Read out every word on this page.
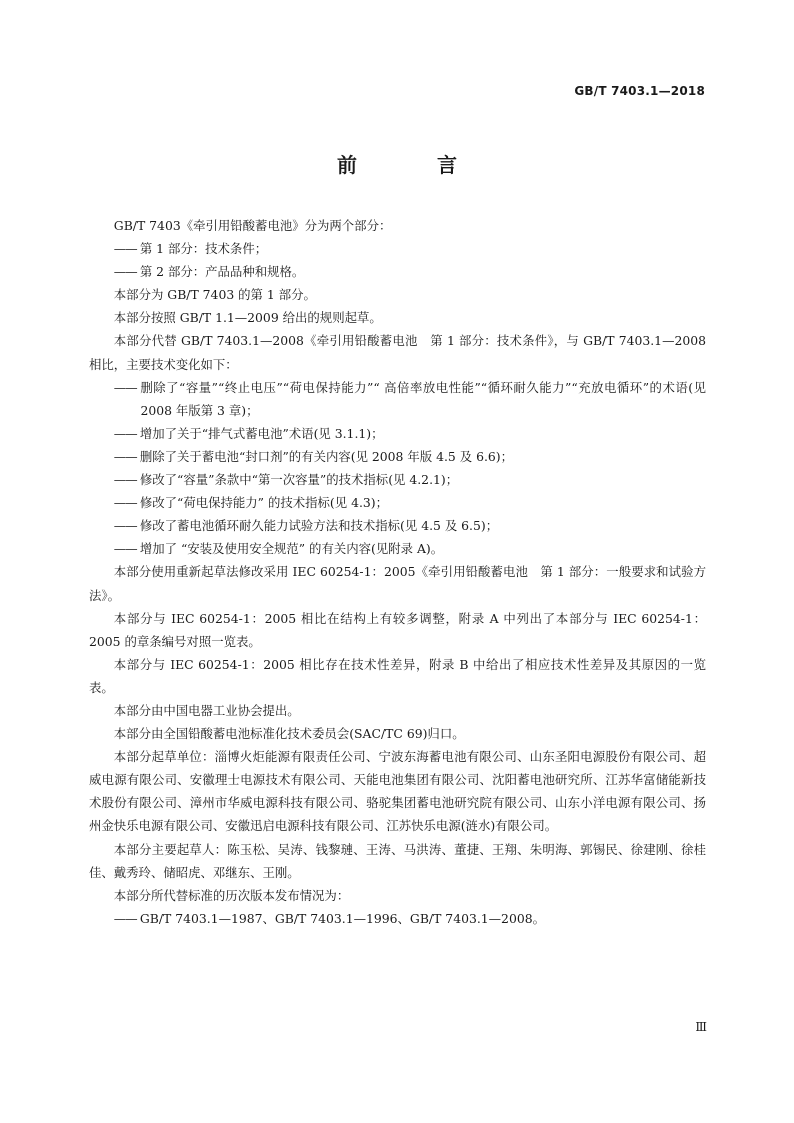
GB/T 7403.1—2018
前　言

GB/T 7403《牵引用铅酸蓄电池》分为两个部分：

—— 第 1 部分：技术条件；

—— 第 2 部分：产品品种和规格。

本部分为 GB/T 7403 的第 1 部分。

本部分按照 GB/T 1.1—2009 给出的规则起草。

本部分代替 GB/T 7403.1—2008《牵引用铅酸蓄电池　第 1 部分：技术条件》，与 GB/T 7403.1—2008 相比，主要技术变化如下：

—— 删除了“容量”“终止电压”“荷电保持能力”“ 高倍率放电性能”“循环耐久能力”“充放电循环”的术语(见 2008 年版第 3 章)；

—— 增加了关于“排气式蓄电池”术语(见 3.1.1)；

—— 删除了关于蓄电池“封口剂”的有关内容(见 2008 年版 4.5 及 6.6)；

—— 修改了“容量”条款中“第一次容量”的技术指标(见 4.2.1)；

—— 修改了“荷电保持能力” 的技术指标(见 4.3)；

—— 修改了蓄电池循环耐久能力试验方法和技术指标(见 4.5 及 6.5)；

—— 增加了 “安装及使用安全规范” 的有关内容(见附录 A)。

本部分使用重新起草法修改采用 IEC 60254-1：2005《牵引用铅酸蓄电池　第 1 部分：一般要求和试验方法》。

本部分与 IEC 60254-1：2005 相比在结构上有较多调整，附录 A 中列出了本部分与 IEC 60254-1：2005 的章条编号对照一览表。

本部分与 IEC 60254-1：2005 相比存在技术性差异，附录 B 中给出了相应技术性差异及其原因的一览表。

本部分由中国电器工业协会提出。

本部分由全国铅酸蓄电池标准化技术委员会(SAC/TC 69)归口。

本部分起草单位：淄博火炬能源有限责任公司、宁波东海蓄电池有限公司、山东圣阳电源股份有限公司、超威电源有限公司、安徽理士电源技术有限公司、天能电池集团有限公司、沈阳蓄电池研究所、江苏华富储能新技术股份有限公司、漳州市华威电源科技有限公司、骆驼集团蓄电池研究院有限公司、山东小洋电源有限公司、扬州金快乐电源有限公司、安徽迅启电源科技有限公司、江苏快乐电源(涟水)有限公司。

本部分主要起草人：陈玉松、吴涛、钱黎璉、王涛、马洪涛、董捷、王翔、朱明海、郭锡民、徐建刚、徐桂佳、戴秀玲、储昭虎、邓继东、王刚。

本部分所代替标准的历次版本发布情况为：

—— GB/T 7403.1—1987、GB/T 7403.1—1996、GB/T 7403.1—2008。

Ⅲ
